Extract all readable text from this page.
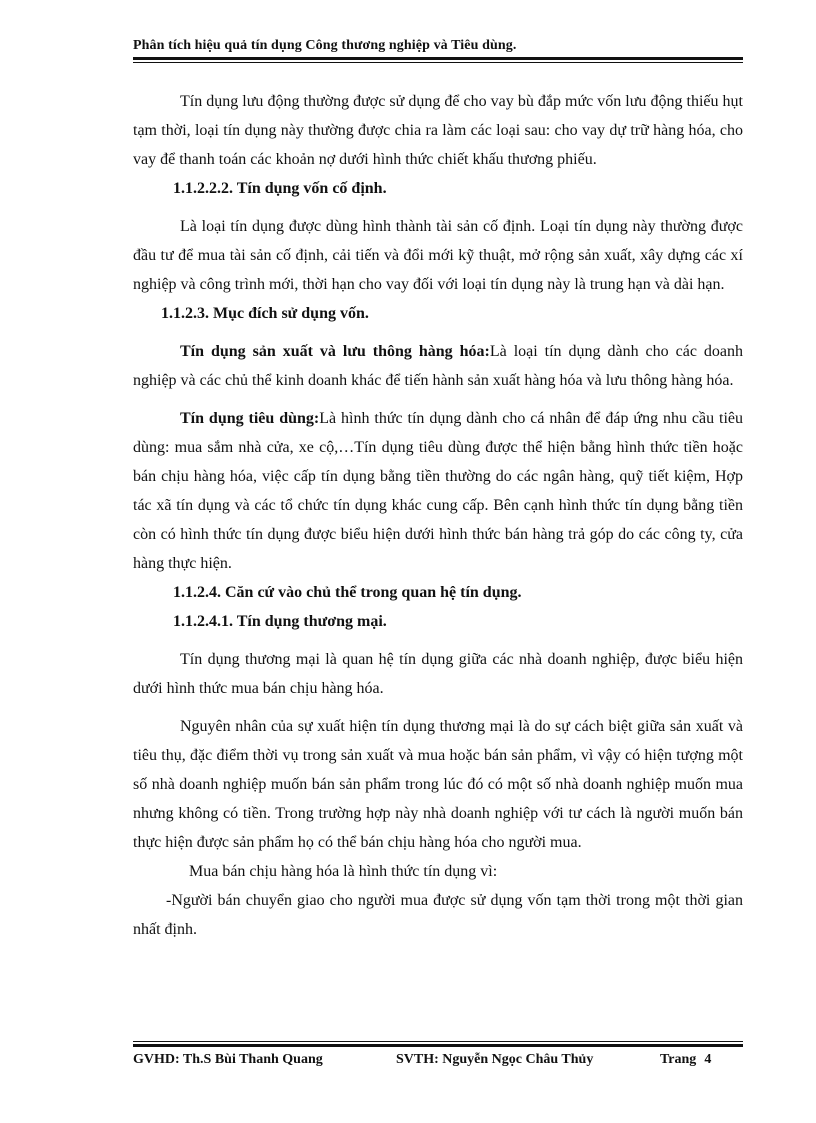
Phân tích hiệu quả tín dụng Công thương nghiệp và Tiêu dùng.

Tín dụng lưu động thường được sử dụng để cho vay bù đắp mức vốn lưu động thiếu hụt tạm thời, loại tín dụng này thường được chia ra làm các loại sau: cho vay dự trữ hàng hóa, cho vay để thanh toán các khoản nợ dưới hình thức chiết khấu thương phiếu.

1.1.2.2.2. Tín dụng vốn cố định.

Là loại tín dụng được dùng hình thành tài sản cố định. Loại tín dụng này thường được đầu tư để mua tài sản cố định, cải tiến và đổi mới kỹ thuật, mở rộng sản xuất, xây dựng các xí nghiệp và công trình mới, thời hạn cho vay đối với loại tín dụng này là trung hạn và dài hạn.

1.1.2.3. Mục đích sử dụng vốn.

Tín dụng sản xuất và lưu thông hàng hóa:Là loại tín dụng dành cho các doanh nghiệp và các chủ thể kinh doanh khác để tiến hành sản xuất hàng hóa và lưu thông hàng hóa.

Tín dụng tiêu dùng:Là hình thức tín dụng dành cho cá nhân để đáp ứng nhu cầu tiêu dùng: mua sắm nhà cửa, xe cộ,…Tín dụng tiêu dùng được thể hiện bằng hình thức tiền hoặc bán chịu hàng hóa, việc cấp tín dụng bằng tiền thường do các ngân hàng, quỹ tiết kiệm, Hợp tác xã tín dụng và các tổ chức tín dụng khác cung cấp. Bên cạnh hình thức tín dụng bằng tiền còn có hình thức tín dụng được biểu hiện dưới hình thức bán hàng trả góp do các công ty, cửa hàng thực hiện.

1.1.2.4. Căn cứ vào chủ thể trong quan hệ tín dụng.

1.1.2.4.1. Tín dụng thương mại.

Tín dụng thương mại là quan hệ tín dụng giữa các nhà doanh nghiệp, được biểu hiện dưới hình thức mua bán chịu hàng hóa.

Nguyên nhân của sự xuất hiện tín dụng thương mại là do sự cách biệt giữa sản xuất và tiêu thụ, đặc điểm thời vụ trong sản xuất và mua hoặc bán sản phẩm, vì vậy có hiện tượng một số nhà doanh nghiệp muốn bán sản phẩm trong lúc đó có một số nhà doanh nghiệp muốn mua nhưng không có tiền. Trong trường hợp này nhà doanh nghiệp với tư cách là người muốn bán thực hiện được sản phẩm họ có thể bán chịu hàng hóa cho người mua.

Mua bán chịu hàng hóa là hình thức tín dụng vì:

-Người bán chuyển giao cho người mua được sử dụng vốn tạm thời trong một thời gian nhất định.

GVHD: Th.S Bùi Thanh Quang	SVTH: Nguyễn Ngọc Châu Thủy	Trang 4
